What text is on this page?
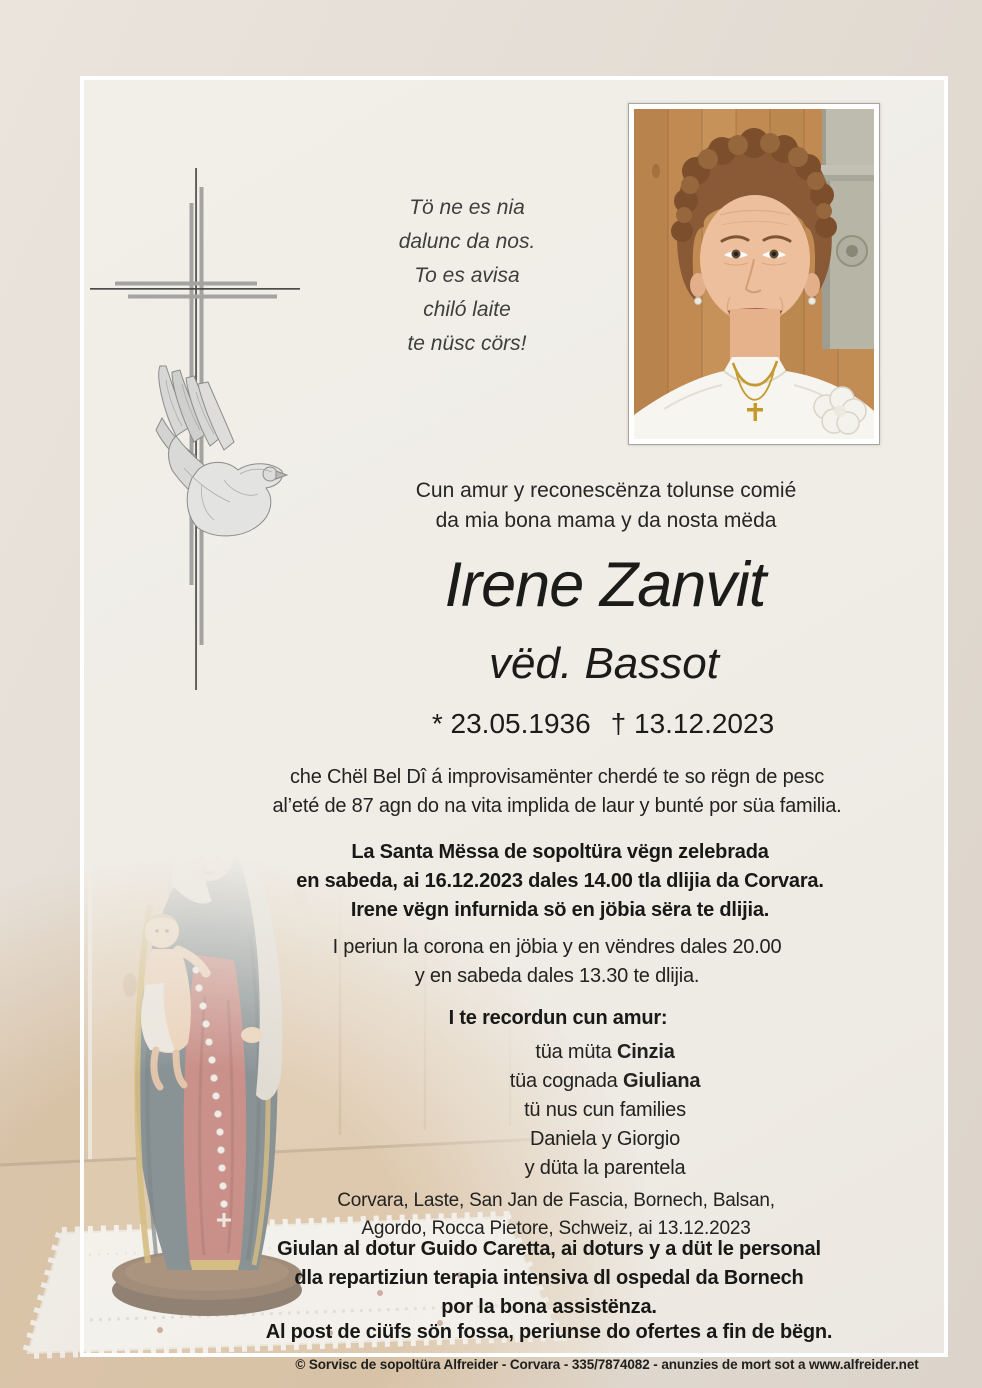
Tö ne es nia
dalunc da nos.
To es avisa
chiló laite
te nüsc cörs!
Cun amur y reconescënza tolunse comié
da mia bona mama y da nosta mëda
Irene Zanvit
vëd. Bassot
* 23.05.1936 † 13.12.2023
che Chël Bel Dî á improvisamënter cherdé te so rëgn de pesc
al’eté de 87 agn do na vita implida de laur y bunté por süa familia.
La Santa Mëssa de sopoltüra vëgn zelebrada
en sabeda, ai 16.12.2023 dales 14.00 tla dlijia da Corvara.
Irene vëgn infurnida sö en jöbia sëra te dlijia.
I periun la corona en jöbia y en vëndres dales 20.00
y en sabeda dales 13.30 te dlijia.
I te recordun cun amur:
tüa müta Cinzia
tüa cognada Giuliana
tü nus cun families
Daniela y Giorgio
y düta la parentela
Corvara, Laste, San Jan de Fascia, Bornech, Balsan,
Agordo, Rocca Pietore, Schweiz, ai 13.12.2023
Giulan al dotur Guido Caretta, ai doturs y a düt le personal
dla repartiziun terapia intensiva dl ospedal da Bornech
por la bona assistënza.
Al post de ciüfs sön fossa, periunse do ofertes a fin de bëgn.
© Sorvisc de sopoltüra Alfreider - Corvara - 335/7874082 - anunzies de mort sot a www.alfreider.net
